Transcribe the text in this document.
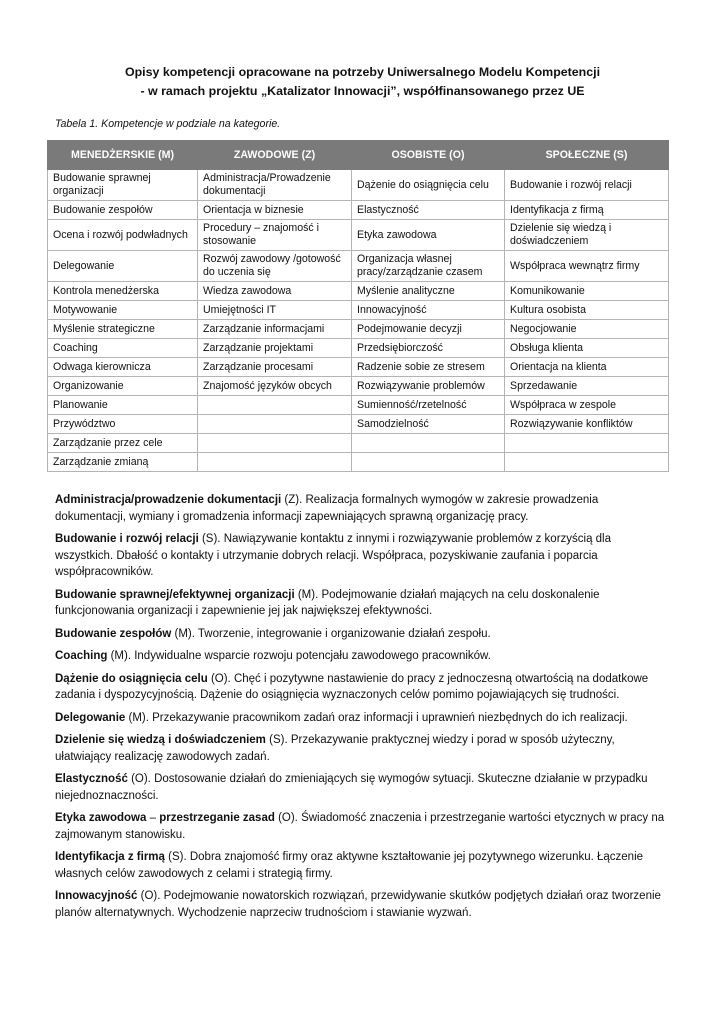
Opisy kompetencji opracowane na potrzeby Uniwersalnego Modelu Kompetencji
- w ramach projektu „Katalizator Innowacji”, współfinansowanego przez UE
Tabela 1. Kompetencje w podziale na kategorie.
MENEDŻERSKIE (M)	ZAWODOWE (Z)	OSOBISTE (O)	SPOŁECZNE (S)
Budowanie sprawnej organizacji	Administracja/Prowadzenie dokumentacji	Dążenie do osiągnięcia celu	Budowanie i rozwój relacji
Budowanie zespołów	Orientacja w biznesie	Elastyczność	Identyfikacja z firmą
Ocena i rozwój podwładnych	Procedury – znajomość i stosowanie	Etyka zawodowa	Dzielenie się wiedzą i doświadczeniem
Delegowanie	Rozwój zawodowy /gotowość do uczenia się	Organizacja własnej pracy/zarządzanie czasem	Współpraca wewnątrz firmy
Kontrola menedżerska	Wiedza zawodowa	Myślenie analityczne	Komunikowanie
Motywowanie	Umiejętności IT	Innowacyjność	Kultura osobista
Myślenie strategiczne	Zarządzanie informacjami	Podejmowanie decyzji	Negocjowanie
Coaching	Zarządzanie projektami	Przedsiębiorczość	Obsługa klienta
Odwaga kierownicza	Zarządzanie procesami	Radzenie sobie ze stresem	Orientacja na klienta
Organizowanie	Znajomość języków obcych	Rozwiązywanie problemów	Sprzedawanie
Planowanie		Sumienność/rzetelność	Współpraca w zespole
Przywództwo		Samodzielność	Rozwiązywanie konfliktów
Zarządzanie przez cele			
Zarządzanie zmianą			

Administracja/prowadzenie dokumentacji (Z). Realizacja formalnych wymogów w zakresie prowadzenia dokumentacji, wymiany i gromadzenia informacji zapewniających sprawną organizację pracy.

Budowanie i rozwój relacji (S). Nawiązywanie kontaktu z innymi i rozwiązywanie problemów z korzyścią dla wszystkich. Dbałość o kontakty i utrzymanie dobrych relacji. Współpraca, pozyskiwanie zaufania i poparcia współpracowników.

Budowanie sprawnej/efektywnej organizacji (M). Podejmowanie działań mających na celu doskonalenie funkcjonowania organizacji i zapewnienie jej jak największej efektywności.

Budowanie zespołów (M). Tworzenie, integrowanie i organizowanie działań zespołu.

Coaching (M). Indywidualne wsparcie rozwoju potencjału zawodowego pracowników.

Dążenie do osiągnięcia celu (O). Chęć i pozytywne nastawienie do pracy z jednoczesną otwartością na dodatkowe zadania i dyspozycyjnością. Dążenie do osiągnięcia wyznaczonych celów pomimo pojawiających się trudności.

Delegowanie (M). Przekazywanie pracownikom zadań oraz informacji i uprawnień niezbędnych do ich realizacji.

Dzielenie się wiedzą i doświadczeniem (S). Przekazywanie praktycznej wiedzy i porad w sposób użyteczny, ułatwiający realizację zawodowych zadań.

Elastyczność (O). Dostosowanie działań do zmieniających się wymogów sytuacji. Skuteczne działanie w przypadku niejednoznaczności.

Etyka zawodowa – przestrzeganie zasad (O). Świadomość znaczenia i przestrzeganie wartości etycznych w pracy na zajmowanym stanowisku.

Identyfikacja z firmą (S). Dobra znajomość firmy oraz aktywne kształtowanie jej pozytywnego wizerunku. Łączenie własnych celów zawodowych z celami i strategią firmy.

Innowacyjność (O). Podejmowanie nowatorskich rozwiązań, przewidywanie skutków podjętych działań oraz tworzenie planów alternatywnych. Wychodzenie naprzeciw trudnościom i stawianie wyzwań.
